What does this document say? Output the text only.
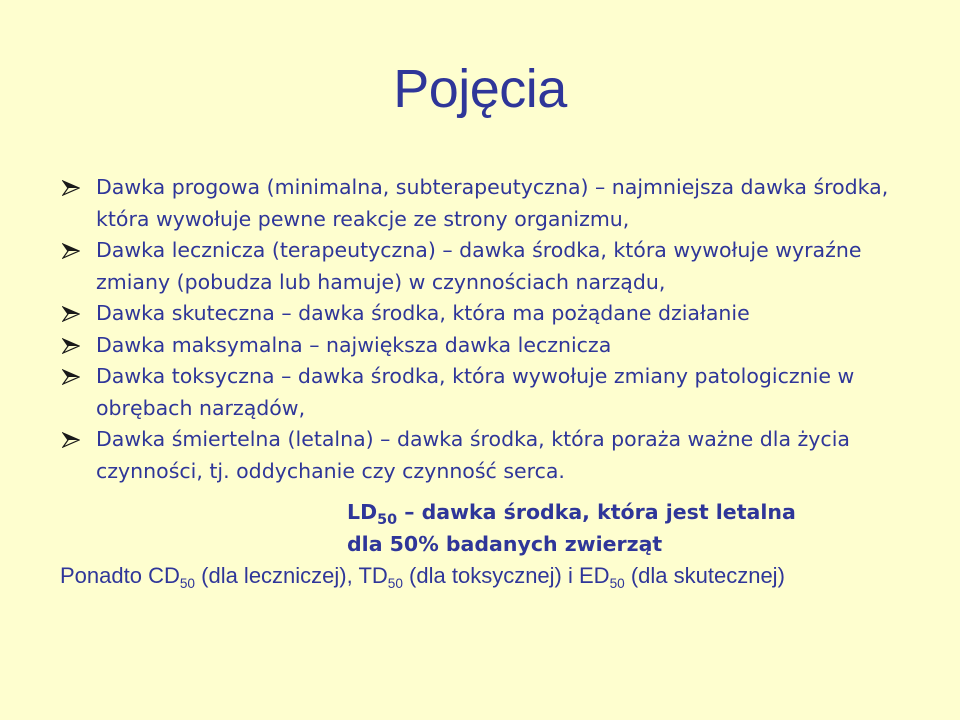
Pojęcia
Dawka progowa (minimalna, subterapeutyczna) – najmniejsza dawka środka, która wywołuje pewne reakcje ze strony organizmu,
Dawka lecznicza (terapeutyczna) – dawka środka, która wywołuje wyraźne zmiany (pobudza lub hamuje) w czynnościach narządu,
Dawka skuteczna – dawka środka, która ma pożądane działanie
Dawka maksymalna – największa dawka lecznicza
Dawka toksyczna – dawka środka, która wywołuje zmiany patologicznie w obrębach narządów,
Dawka śmiertelna (letalna) – dawka środka, która poraża ważne dla życia czynności, tj. oddychanie czy czynność serca.
$LD_{50}$ – dawka środka, która jest letalna
dla 50% badanych zwierząt
Ponadto $CD_{50}$ (dla leczniczej), $TD_{50}$ (dla toksycznej) i $ED_{50}$ (dla skutecznej)
